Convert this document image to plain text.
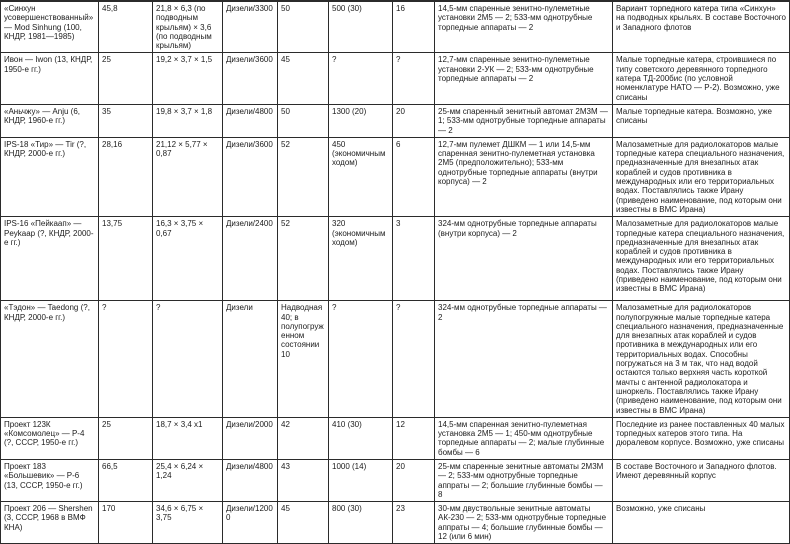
«Синхун усовершенствованный» — Mod Sinhung (100, КНДР, 1981—1985)	45,8	21,8 × 6,3 (по подводным крыльям) × 3,6 (по подводным крыльям)	Дизели/3300	50	500 (30)	16	14,5-мм спаренные зенитно-пулеметные установки 2М5 — 2; 533-мм однотрубные торпедные аппараты — 2	Вариант торпедного катера типа «Синхун» на подводных крыльях. В составе Восточного и Западного флотов
Ивон — Iwon (13, КНДР, 1950-е гг.)	25	19,2 × 3,7 × 1,5	Дизели/3600	45	?	?	12,7-мм спаренные зенитно-пулеметные установки 2-УК — 2; 533-мм однотрубные торпедные аппараты — 2	Малые торпедные катера, строившиеся по типу советского деревянного торпедного катера ТД-200бис (по условной номенклатуре НАТО — Р-2). Возможно, уже списаны
«Аньчжу» — Anju (6, КНДР, 1960-е гг.)	35	19,8 × 3,7 × 1,8	Дизели/4800	50	1300 (20)	20	25-мм спаренный зенитный автомат 2М3М — 1; 533-мм однотрубные торпедные аппараты — 2	Малые торпедные катера. Возможно, уже списаны
IPS-18 «Тир» — Tir (?, КНДР, 2000-е гг.)	28,16	21,12 × 5,77 × 0,87	Дизели/3600	52	450 (экономичным ходом)	6	12,7-мм пулемет ДШКМ — 1 или 14,5-мм спаренная зенитно-пулеметная установка 2М5 (предположительно); 533-мм однотрубные торпедные аппараты (внутри корпуса) — 2	Малозаметные для радиолокаторов малые торпедные катера специального назначения, предназначенные для внезапных атак кораблей и судов противника в международных или его территориальных водах. Поставлялись также Ирану (приведено наименование, под которым они известны в ВМС Ирана)
IPS-16 «Пейкаап» — Peykaap (?, КНДР, 2000-е гг.)	13,75	16,3 × 3,75 × 0,67	Дизели/2400	52	320 (экономичным ходом)	3	324-мм однотрубные торпедные аппараты (внутри корпуса) — 2	Малозаметные для радиолокаторов малые торпедные катера специального назначения, предназначенные для внезапных атак кораблей и судов противника в международных или его территориальных водах. Поставлялись также Ирану (приведено наименование, под которым они известны в ВМС Ирана)
«Тэдон» — Taedong (?, КНДР, 2000-е гг.)	?	?	Дизели	Надводная 40; в полупогруженном состоянии 10	?	?	324-мм однотрубные торпедные аппараты — 2	Малозаметные для радиолокаторов полупогружные малые торпедные катера специального назначения, предназначенные для внезапных атак кораблей и судов противника в международных или его территориальных водах. Способны погружаться на 3 м так, что над водой остаются только верхняя часть короткой мачты с антенной радиолокатора и шноркель. Поставлялись также Ирану (приведено наименование, под которым они известны в ВМС Ирана)
Проект 123К «Комсомолец» — Р-4 (?, СССР, 1950-е гг.)	25	18,7 × 3,4 х1	Дизели/2000	42	410 (30)	12	14,5-мм спаренная зенитно-пулеметная установка 2М5 — 1; 450-мм однотрубные торпедные аппараты — 2; малые глубинные бомбы — 6	Последние из ранее поставленных 40 малых торпедных катеров этого типа. На дюралевом корпусе. Возможно, уже списаны
Проект 183 «Большевик» — Р-6 (13, СССР, 1950-е гг.)	66,5	25,4 × 6,24 × 1,24	Дизели/4800	43	1000 (14)	20	25-мм спаренные зенитные автоматы 2М3М — 2; 533-мм однотрубные торпедные аппраты — 2; большие глубинные бомбы — 8	В составе Восточного и Западного флотов. Имеют деревянный корпус
Проект 206 — Shershen (3, СССР, 1968 в ВМФ КНА)	170	34,6 × 6,75 × 3,75	Дизели/12000	45	800 (30)	23	30-мм двуствольные зенитные автоматы АК-230 — 2; 533-мм однотрубные торпедные аппраты — 4; большие глубинные бомбы — 12 (или 6 мин)	Возможно, уже списаны
